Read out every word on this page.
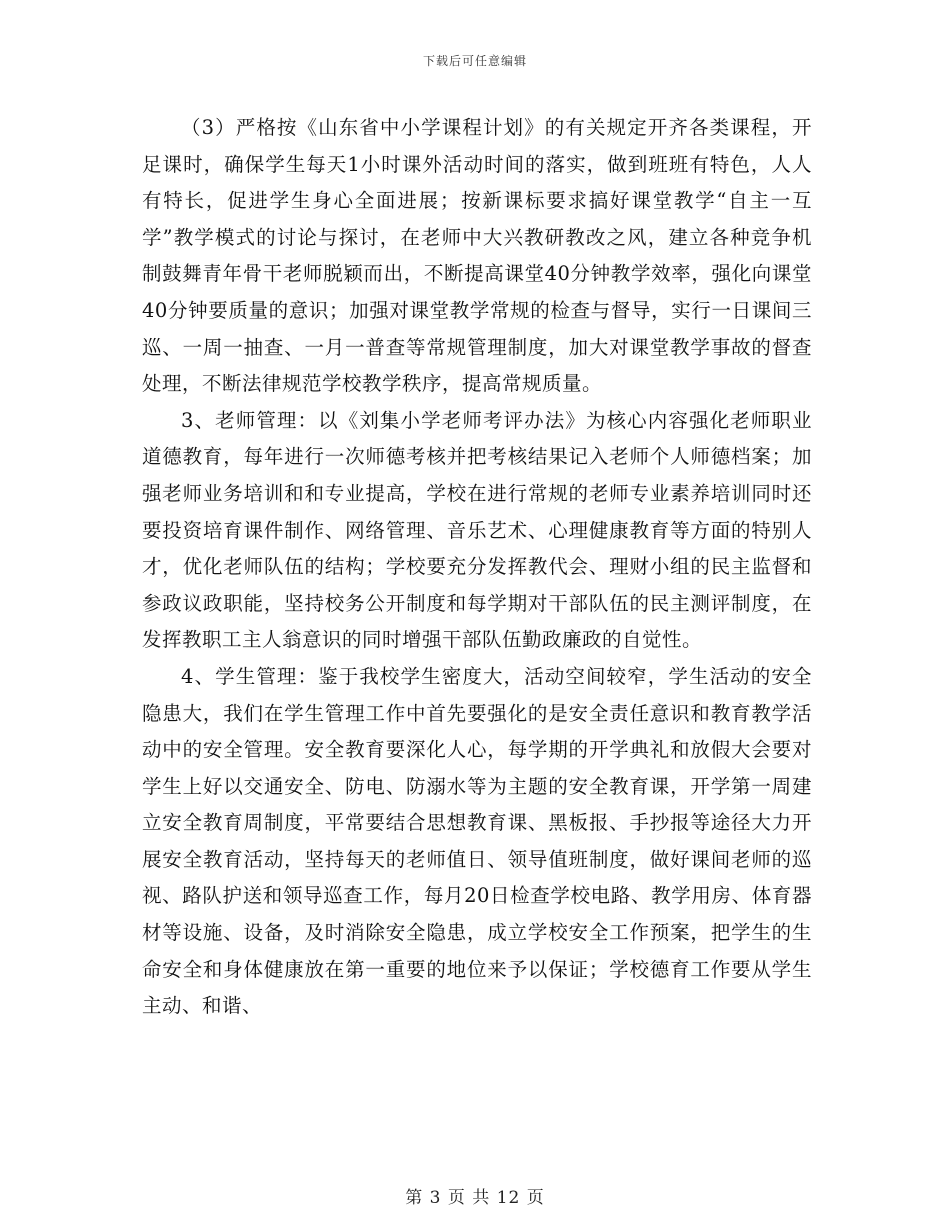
下载后可任意编辑

（3）严格按《山东省中小学课程计划》的有关规定开齐各类课程，开足课时，确保学生每天1小时课外活动时间的落实，做到班班有特色，人人有特长，促进学生身心全面进展；按新课标要求搞好课堂教学“自主一互学”教学模式的讨论与探讨，在老师中大兴教研教改之风，建立各种竞争机制鼓舞青年骨干老师脱颖而出，不断提高课堂40分钟教学效率，强化向课堂40分钟要质量的意识；加强对课堂教学常规的检查与督导，实行一日课间三巡、一周一抽查、一月一普查等常规管理制度，加大对课堂教学事故的督查处理，不断法律规范学校教学秩序，提高常规质量。

3、老师管理：以《刘集小学老师考评办法》为核心内容强化老师职业道德教育，每年进行一次师德考核并把考核结果记入老师个人师德档案；加强老师业务培训和和专业提高，学校在进行常规的老师专业素养培训同时还要投资培育课件制作、网络管理、音乐艺术、心理健康教育等方面的特别人才，优化老师队伍的结构；学校要充分发挥教代会、理财小组的民主监督和参政议政职能，坚持校务公开制度和每学期对干部队伍的民主测评制度，在发挥教职工主人翁意识的同时增强干部队伍勤政廉政的自觉性。

4、学生管理：鉴于我校学生密度大，活动空间较窄，学生活动的安全隐患大，我们在学生管理工作中首先要强化的是安全责任意识和教育教学活动中的安全管理。安全教育要深化人心，每学期的开学典礼和放假大会要对学生上好以交通安全、防电、防溺水等为主题的安全教育课，开学第一周建立安全教育周制度，平常要结合思想教育课、黑板报、手抄报等途径大力开展安全教育活动，坚持每天的老师值日、领导值班制度，做好课间老师的巡视、路队护送和领导巡查工作，每月20日检查学校电路、教学用房、体育器材等设施、设备，及时消除安全隐患，成立学校安全工作预案，把学生的生命安全和身体健康放在第一重要的地位来予以保证；学校德育工作要从学生主动、和谐、

第 3 页 共 12 页
